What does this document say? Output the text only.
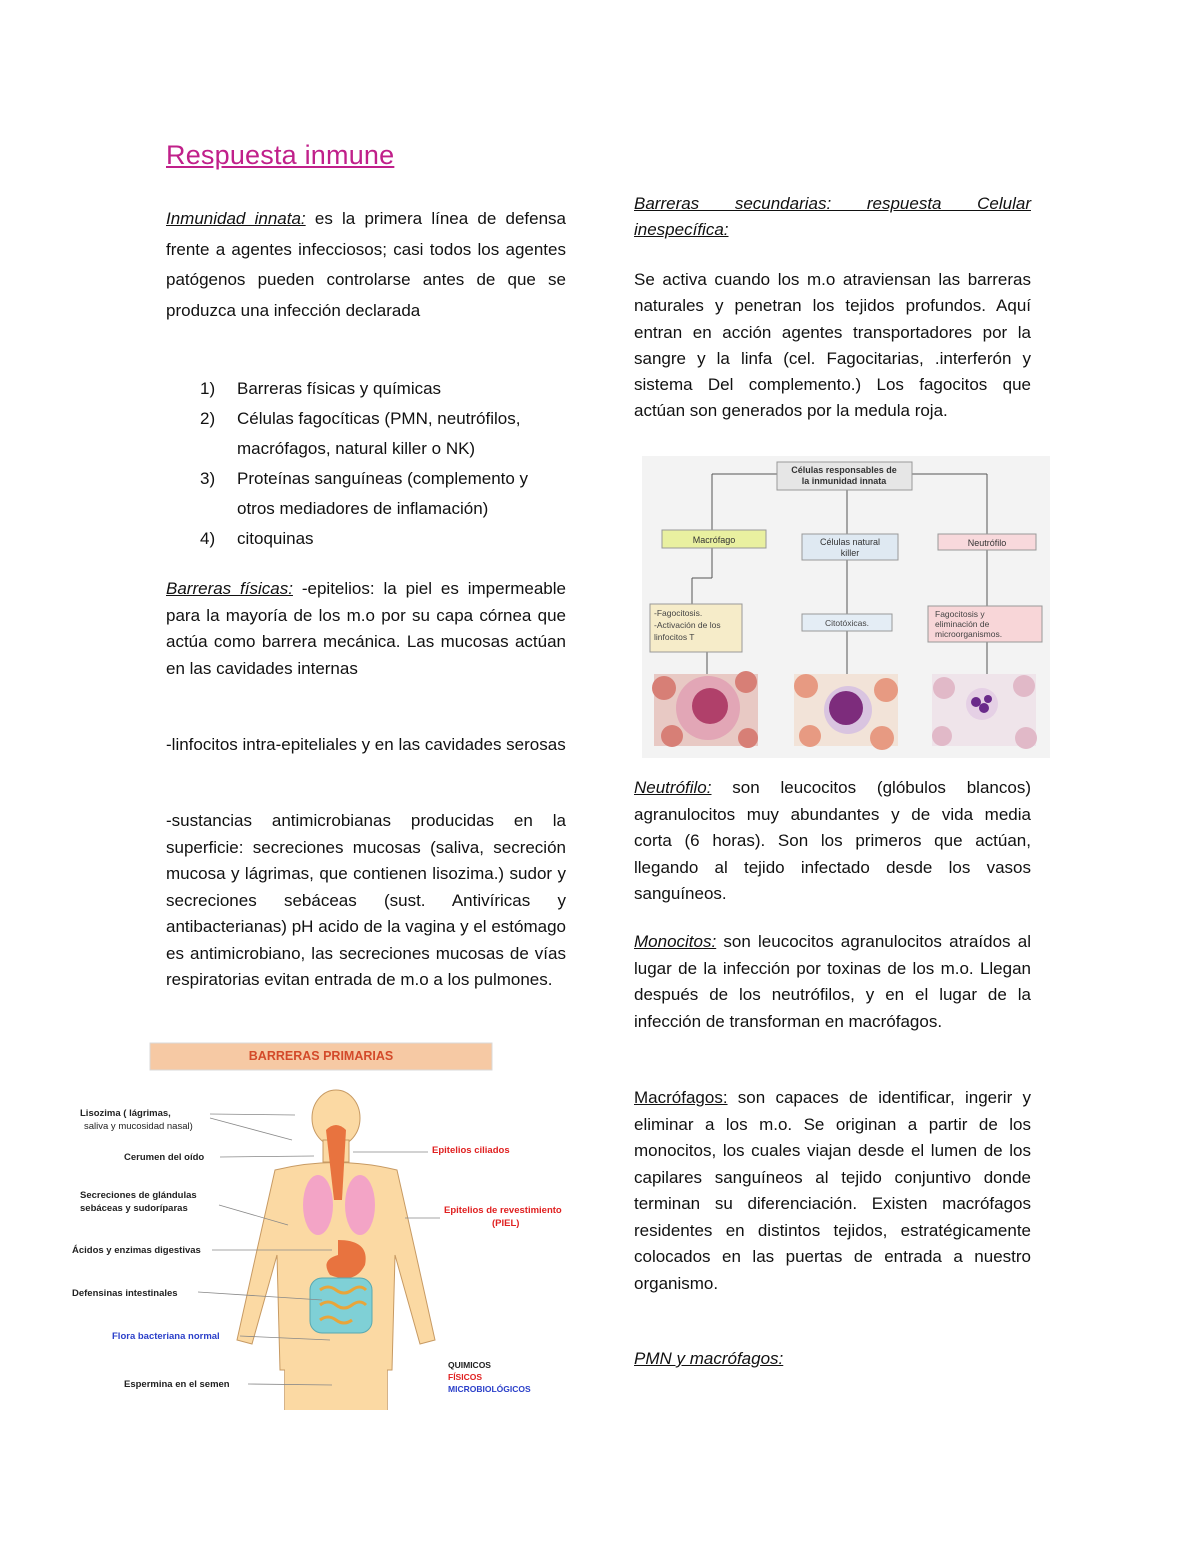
Respuesta inmune

Inmunidad innata: es la primera línea de defensa frente a agentes infecciosos; casi todos los agentes patógenos pueden controlarse antes de que se produzca una infección declarada

1) Barreras físicas y químicas
2) Células fagocíticas (PMN, neutrófilos, macrófagos, natural killer o NK)
3) Proteínas sanguíneas (complemento y otros mediadores de inflamación)
4) citoquinas

Barreras físicas: -epitelios: la piel es impermeable para la mayoría de los m.o por su capa córnea que actúa como barrera mecánica. Las mucosas actúan en las cavidades internas

-linfocitos intra-epiteliales y en las cavidades serosas

-sustancias antimicrobianas producidas en la superficie: secreciones mucosas (saliva, secreción mucosa y lágrimas, que contienen lisozima.) sudor y secreciones sebáceas (sust. Antivíricas y antibacterianas) pH acido de la vagina y el estómago es antimicrobiano, las secreciones mucosas de vías respiratorias evitan entrada de m.o a los pulmones.

BARRERAS PRIMARIAS
Lisozima ( lágrimas,
saliva y mucosidad nasal)
Cerumen del oído
Secreciones de glándulas
sebáceas y sudoríparas
Ácidos y enzimas digestivas
Defensinas intestinales
Flora bacteriana normal
Espermina en el semen
Epitelios ciliados
Epitelios de revestimiento
(PIEL)
QUIMICOS
FÍSICOS
MICROBIOLÓGICOS

Barreras secundarias: respuesta Celular inespecífica:

Se activa cuando los m.o atraviensan las barreras naturales y penetran los tejidos profundos. Aquí entran en acción agentes transportadores por la sangre y la linfa (cel. Fagocitarias, .interferón y sistema Del complemento.) Los fagocitos que actúan son generados por la medula roja.

Células responsables de
la inmunidad innata
Macrófago	Células natural
killer
Neutrófilo
-Fagocitosis.
-Activación de los
linfocitos T
Citotóxicas.
Fagocitosis y
eliminación de
microorganismos.

Neutrófilo: son leucocitos (glóbulos blancos) agranulocitos muy abundantes y de vida media corta (6 horas). Son los primeros que actúan, llegando al tejido infectado desde los vasos sanguíneos.

Monocitos: son leucocitos agranulocitos atraídos al lugar de la infección por toxinas de los m.o. Llegan después de los neutrófilos, y en el lugar de la infección de transforman en macrófagos.

Macrófagos: son capaces de identificar, ingerir y eliminar a los m.o. Se originan a partir de los monocitos, los cuales viajan desde el lumen de los capilares sanguíneos al tejido conjuntivo donde terminan su diferenciación. Existen macrófagos residentes en distintos tejidos, estratégicamente colocados en las puertas de entrada a nuestro organismo.

PMN y macrófagos:
